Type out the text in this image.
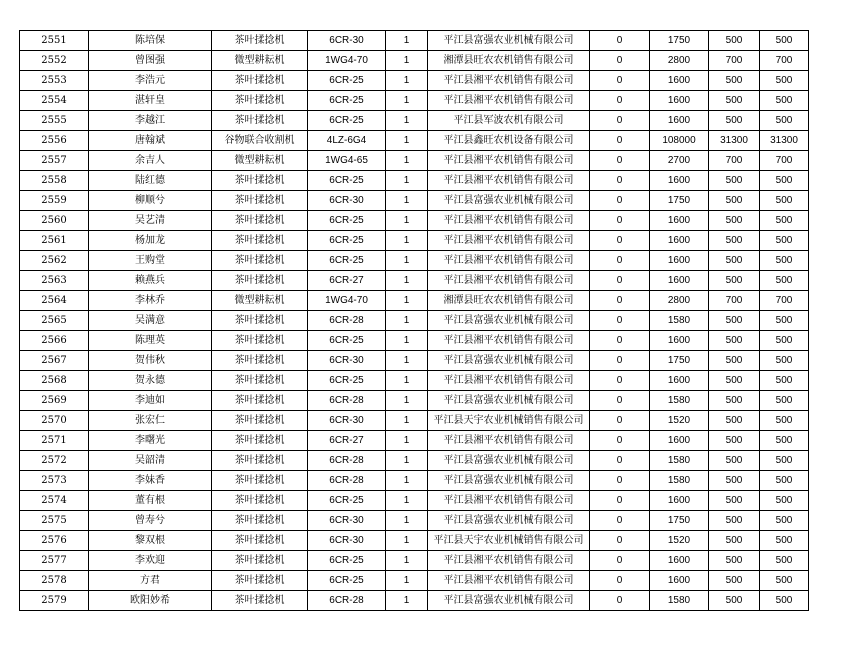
2551	陈培保	茶叶揉捻机	6CR-30	1	平江县富强农业机械有限公司	0	1750	500	500
2552	曾图强	微型耕耘机	1WG4-70	1	湘潭县旺农农机销售有限公司	0	2800	700	700
2553	李浩元	茶叶揉捻机	6CR-25	1	平江县湘平农机销售有限公司	0	1600	500	500
2554	湛轩皇	茶叶揉捻机	6CR-25	1	平江县湘平农机销售有限公司	0	1600	500	500
2555	李越江	茶叶揉捻机	6CR-25	1	平江县军波农机有限公司	0	1600	500	500
2556	唐翰斌	谷物联合收割机	4LZ-6G4	1	平江县鑫旺农机设备有限公司	0	108000	31300	31300
2557	余吉人	微型耕耘机	1WG4-65	1	平江县湘平农机销售有限公司	0	2700	700	700
2558	陆红德	茶叶揉捻机	6CR-25	1	平江县湘平农机销售有限公司	0	1600	500	500
2559	柳顺兮	茶叶揉捻机	6CR-30	1	平江县富强农业机械有限公司	0	1750	500	500
2560	吴艺清	茶叶揉捻机	6CR-25	1	平江县湘平农机销售有限公司	0	1600	500	500
2561	杨加龙	茶叶揉捻机	6CR-25	1	平江县湘平农机销售有限公司	0	1600	500	500
2562	王购堂	茶叶揉捻机	6CR-25	1	平江县湘平农机销售有限公司	0	1600	500	500
2563	赖燕兵	茶叶揉捻机	6CR-27	1	平江县湘平农机销售有限公司	0	1600	500	500
2564	李林乔	微型耕耘机	1WG4-70	1	湘潭县旺农农机销售有限公司	0	2800	700	700
2565	吴满意	茶叶揉捻机	6CR-28	1	平江县富强农业机械有限公司	0	1580	500	500
2566	陈理英	茶叶揉捻机	6CR-25	1	平江县湘平农机销售有限公司	0	1600	500	500
2567	贺伟秋	茶叶揉捻机	6CR-30	1	平江县富强农业机械有限公司	0	1750	500	500
2568	贺永德	茶叶揉捻机	6CR-25	1	平江县湘平农机销售有限公司	0	1600	500	500
2569	李迪如	茶叶揉捻机	6CR-28	1	平江县富强农业机械有限公司	0	1580	500	500
2570	张宏仁	茶叶揉捻机	6CR-30	1	平江县天宇农业机械销售有限公司	0	1520	500	500
2571	李曙光	茶叶揉捻机	6CR-27	1	平江县湘平农机销售有限公司	0	1600	500	500
2572	吴韶清	茶叶揉捻机	6CR-28	1	平江县富强农业机械有限公司	0	1580	500	500
2573	李妹香	茶叶揉捻机	6CR-28	1	平江县富强农业机械有限公司	0	1580	500	500
2574	董有根	茶叶揉捻机	6CR-25	1	平江县湘平农机销售有限公司	0	1600	500	500
2575	曾寿兮	茶叶揉捻机	6CR-30	1	平江县富强农业机械有限公司	0	1750	500	500
2576	黎双根	茶叶揉捻机	6CR-30	1	平江县天宇农业机械销售有限公司	0	1520	500	500
2577	李欢迎	茶叶揉捻机	6CR-25	1	平江县湘平农机销售有限公司	0	1600	500	500
2578	方君	茶叶揉捻机	6CR-25	1	平江县湘平农机销售有限公司	0	1600	500	500
2579	欧阳妙希	茶叶揉捻机	6CR-28	1	平江县富强农业机械有限公司	0	1580	500	500
